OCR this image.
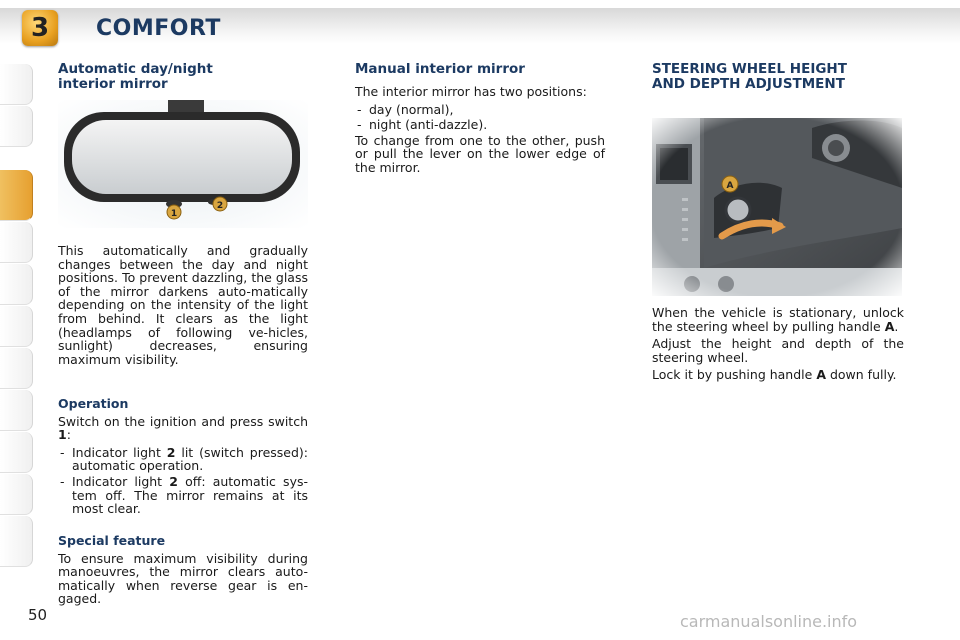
3	COMFORT
Automatic day/night
interior mirror
1
2

This automatically and gradually changes between the day and night positions. To prevent dazzling, the glass of the mirror darkens auto-matically depending on the intensity of the light from behind. It clears as the light (headlamps of following ve-hicles, sunlight) decreases, ensuring maximum visibility.

Operation

Switch on the ignition and press switch 1:

- Indicator light 2 lit (switch pressed): automatic operation.
- Indicator light 2 off: automatic sys-tem off. The mirror remains at its most clear.
Special feature

To ensure maximum visibility during manoeuvres, the mirror clears auto-matically when reverse gear is en-gaged.

Manual interior mirror

The interior mirror has two positions:

- day (normal),
- night (anti-dazzle).

To change from one to the other, push or pull the lever on the lower edge of the mirror.

STEERING WHEEL HEIGHT
AND DEPTH ADJUSTMENT

When the vehicle is stationary, unlock the steering wheel by pulling handle A.

Adjust the height and depth of the steering wheel.

Lock it by pushing handle A down fully.

50	carmanualsonline.info
